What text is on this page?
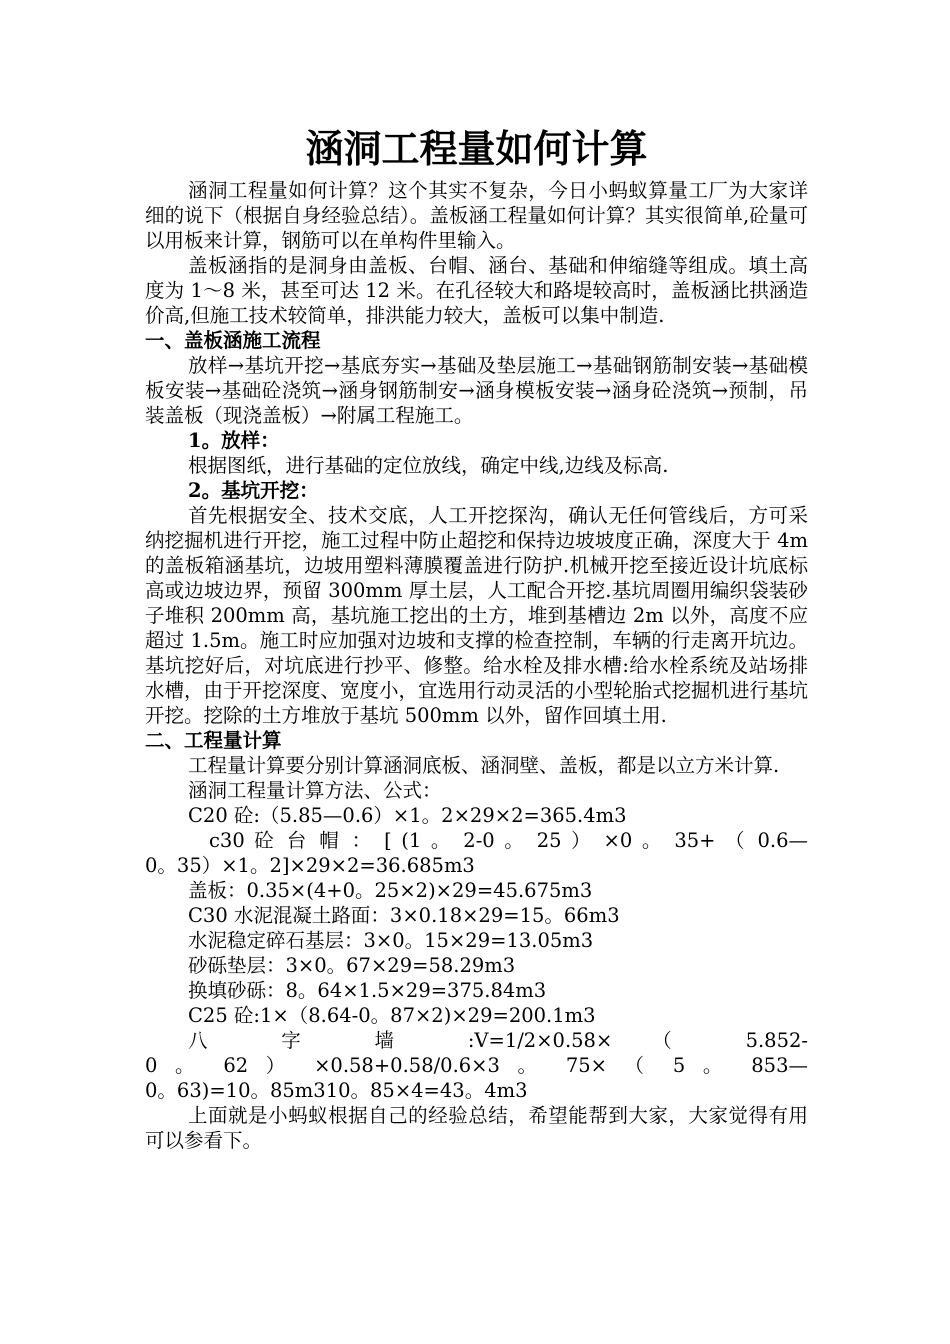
涵洞工程量如何计算

涵洞工程量如何计算？这个其实不复杂，今日小蚂蚁算量工厂为大家详细的说下（根据自身经验总结）。盖板涵工程量如何计算？其实很简单,砼量可以用板来计算，钢筋可以在单构件里输入。

盖板涵指的是洞身由盖板、台帽、涵台、基础和伸缩缝等组成。填土高度为 1～8 米，甚至可达 12 米。在孔径较大和路堤较高时，盖板涵比拱涵造价高,但施工技术较简单，排洪能力较大，盖板可以集中制造.

一、盖板涵施工流程

放样→基坑开挖→基底夯实→基础及垫层施工→基础钢筋制安装→基础模板安装→基础砼浇筑→涵身钢筋制安→涵身模板安装→涵身砼浇筑→预制，吊装盖板（现浇盖板）→附属工程施工。

1。放样：

根据图纸，进行基础的定位放线，确定中线,边线及标高.

2。基坑开挖：

首先根据安全、技术交底，人工开挖探沟，确认无任何管线后，方可采纳挖掘机进行开挖，施工过程中防止超挖和保持边坡坡度正确，深度大于 4m 的盖板箱涵基坑，边坡用塑料薄膜覆盖进行防护.机械开挖至接近设计坑底标高或边坡边界，预留 300mm 厚土层，人工配合开挖.基坑周圈用编织袋装砂子堆积 200mm 高，基坑施工挖出的土方，堆到基槽边 2m 以外，高度不应超过 1.5m。施工时应加强对边坡和支撑的检查控制，车辆的行走离开坑边。基坑挖好后，对坑底进行抄平、修整。给水栓及排水槽:给水栓系统及站场排水槽，由于开挖深度、宽度小，宜选用行动灵活的小型轮胎式挖掘机进行基坑开挖。挖除的土方堆放于基坑 500mm 以外，留作回填土用.

二、工程量计算

工程量计算要分别计算涵洞底板、涵洞壁、盖板，都是以立方米计算.

涵洞工程量计算方法、公式：

C20 砼:（5.85—0.6）×1。2×29×2=365.4m3

c30 砼 台 帽 ： [ (1 。 2-0 。 25 ） ×0 。 35+ （ 0.6—

0。35）×1。2]×29×2=36.685m3

盖板：0.35×(4+0。25×2)×29=45.675m3

C30 水泥混凝土路面：3×0.18×29=15。66m3

水泥稳定碎石基层：3×0。15×29=13.05m3

砂砾垫层：3×0。67×29=58.29m3

换填砂砾：8。64×1.5×29=375.84m3

C25 砼:1×（8.64-0。87×2)×29=200.1m3

八 字 墙 :V=1/2×0.58× （ 5.852-

0 。 62 ） ×0.58+0.58/0.6×3 。 75× （ 5 。 853—

0。63)=10。85m310。85×4=43。4m3

上面就是小蚂蚁根据自己的经验总结，希望能帮到大家，大家觉得有用可以参看下。
